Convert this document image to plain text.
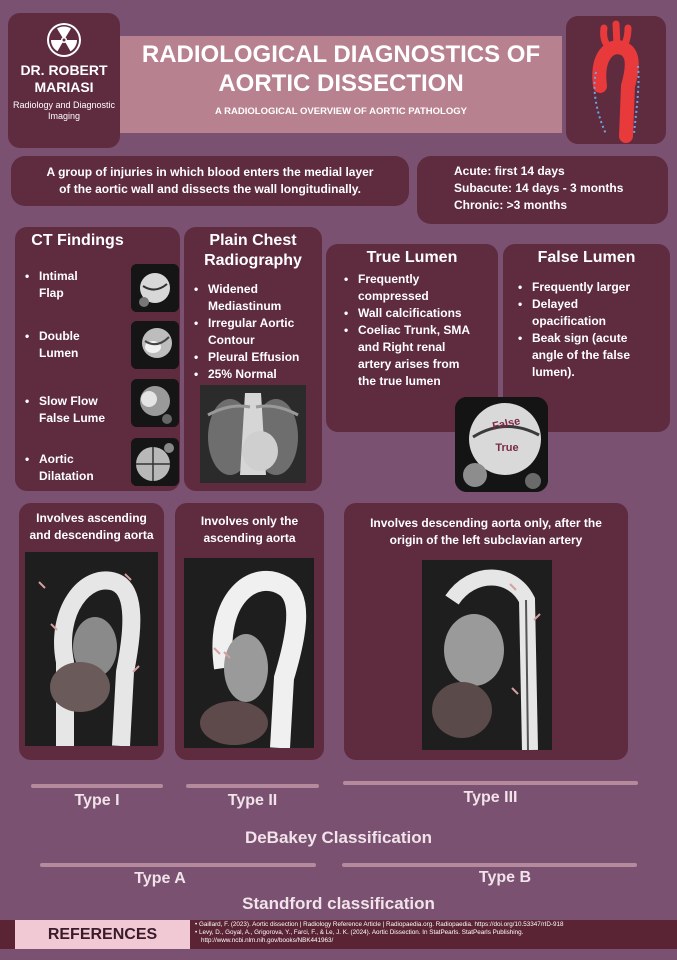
DR. ROBERT
MARIASI
Radiology and Diagnostic Imaging
RADIOLOGICAL DIAGNOSTICS OF
AORTIC DISSECTION
A RADIOLOGICAL OVERVIEW OF AORTIC PATHOLOGY
A group of injuries in which blood enters the medial layer
of the aortic wall and dissects the wall longitudinally.
Acute: first 14 days
Subacute: 14 days - 3 months
Chronic: >3 months
CT Findings
• Intimal
Flap
• Double
Lumen
• Slow Flow
False Lume
• Aortic
Dilatation
Plain Chest
Radiography
• Widened
Mediastinum
• Irregular Aortic
Contour
• Pleural Effusion
• 25% Normal
True Lumen
• Frequently
compressed
• Wall calcifications
• Coeliac Trunk, SMA
and Right renal
artery arises from
the true lumen
False Lumen
• Frequently larger
• Delayed
opacification
• Beak sign (acute
angle of the false
lumen).
False
True
Involves ascending
and descending aorta
Involves only the
ascending aorta
Involves descending aorta only, after the
origin of the left subclavian artery
Type I	Type II	Type III
DeBakey Classification
Type A	Type B
Standford classification
REFERENCES
• Gaillard, F. (2023). Aortic dissection | Radiology Reference Article | Radiopaedia.org. Radiopaedia. https://doi.org/10.53347/rID-918
• Levy, D., Goyal, A., Grigorova, Y., Farci, F., & Le, J. K. (2024). Aortic Dissection. In StatPearls. StatPearls Publishing.
http://www.ncbi.nlm.nih.gov/books/NBK441963/
